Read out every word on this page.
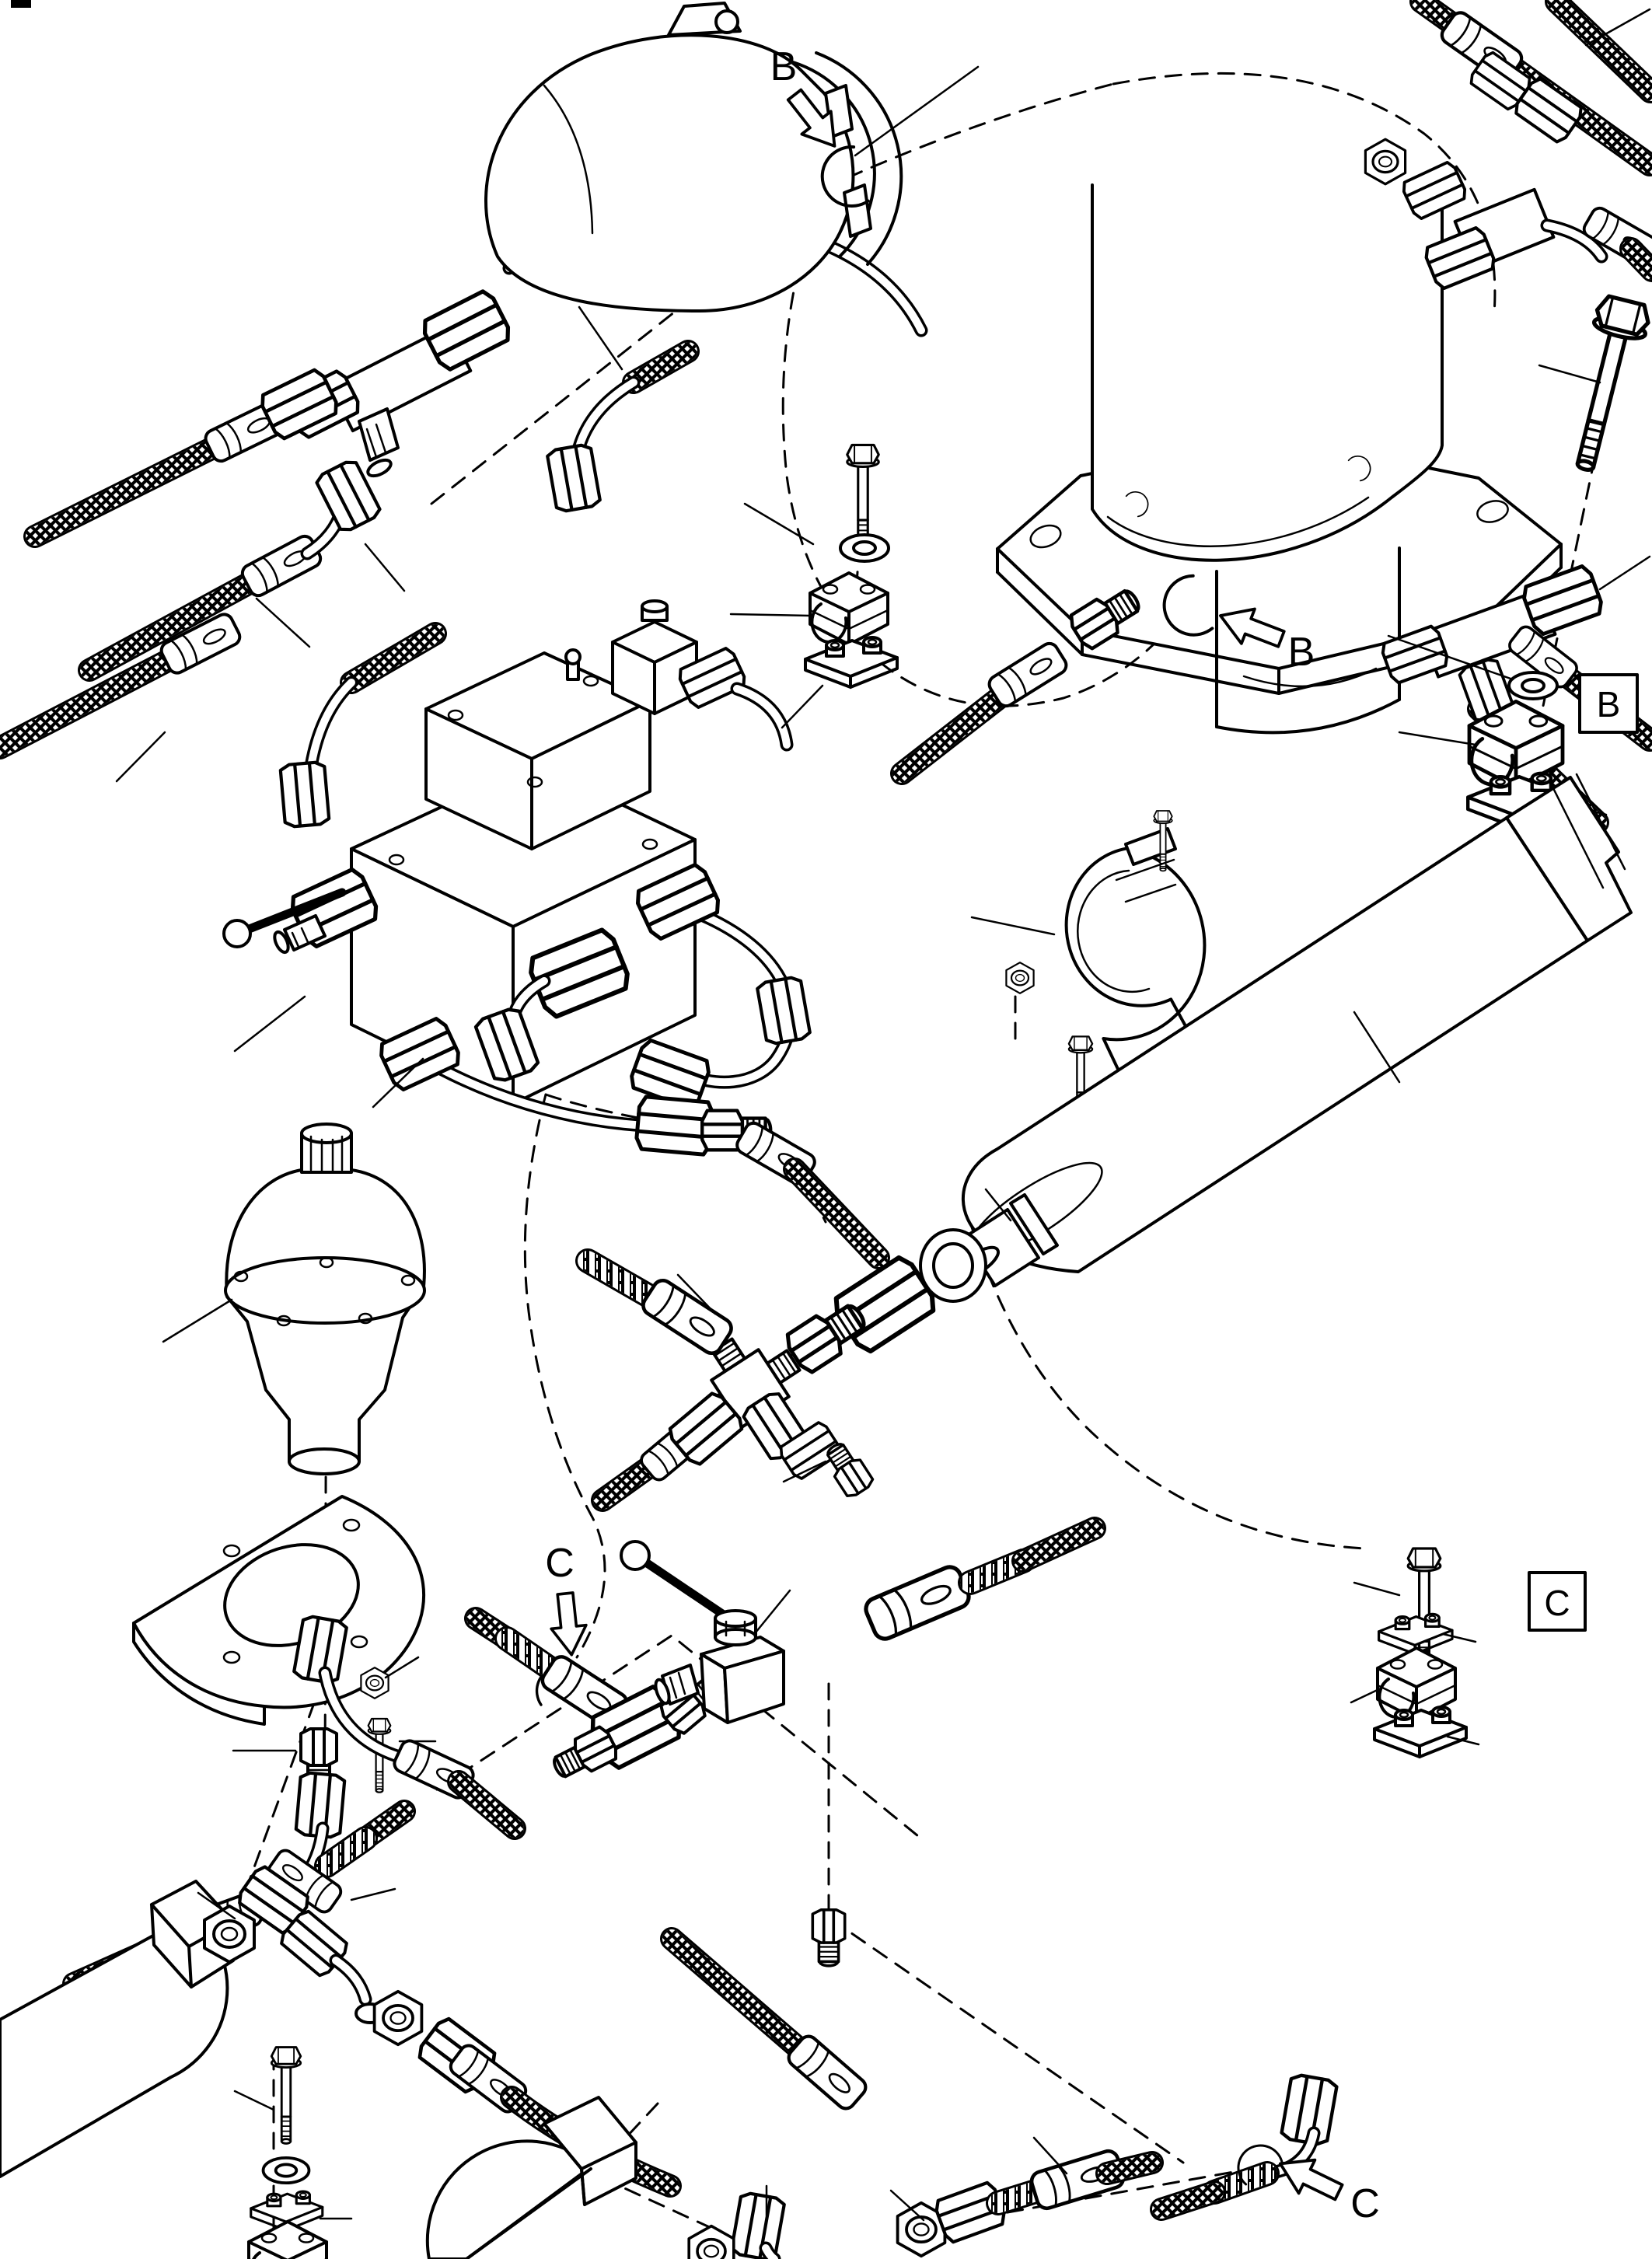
B
B
B
C
C
C
